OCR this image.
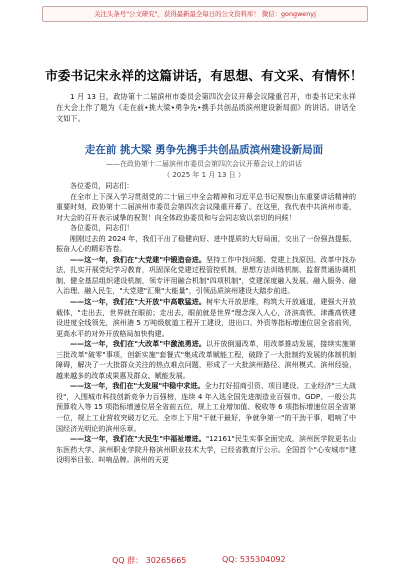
关注头条号"公文研究"，获得最新最全每日的公文资料库！ 微信：gongwenyj
市委书记宋永祥的这篇讲话，有思想、有文采、有情怀！
1 月 13 日，政协第十二届滨州市委员会第四次会议开幕会议隆重召开，市委书记宋永祥在大会上作了题为《走在前•挑大梁•勇争先•携手共创品质滨州建设新局面》的讲话。讲话全文如下。
走在前 挑大梁 勇争先携手共创品质滨州建设新局面
——在政协第十二届滨州市委员会第四次会议开幕会议上的讲话
（ 2025 年 1 月 13 日 ）

各位委员，同志们：

在全市上下深入学习贯彻党的二十届三中全会精神和习近平总书记视察山东重要讲话精神的重要时刻，政协第十二届滨州市委员会第四次会议隆重开幕了。在这里，我代表中共滨州市委，对大会的召开表示诚挚的祝贺！向全体政协委员和与会同志致以亲切的问候！

各位委员，同志们！

刚刚过去的 2024 年，我们干出了稳健向好、进中提质的大好局面，交出了一份强劲提振、振奋人心的精彩答卷。

——这一年，我们在"大党建"中锻造奋进。坚持工作中找问题、党建上找原因、改革中找办法，扎实开展党纪学习教育，巩固深化党建过程管控机制，思想方法训练机制、监督贯通协调机制，健全基层组织建设机制，领专评用融合机制"四项机制"，党建深度融入发展、融入服务、融入治理、融入民生，"大党建"汇聚"大能量"，引领品质滨州建设大踏步前进。

——这一年，我们在"大开放"中高歌猛进。树牢大开放思维，构筑大开放通道，建强大开放载体，"走出去，世界就在眼前；走出去，眼前就是世界"理念深入人心，济滨高铁、津潍高铁建设进度全线领先，滨州港 5 万吨级航道工程开工建设，进出口、外资等指标增速位居全省前列，更高水平的对外开放格局加快构建。

——这一年，我们在"大改革"中激流勇进。以开放倒逼改革，用改革推动发展，接续实施第三批改革"破零"事项，创新实施"套餐式"集成改革赋能工程，破除了一大批制约发展的体制机制障碍，解决了一大批群众关注的热点难点问题，形成了一大批滨州路径、滨州模式、滨州经验，越来越多的改革成果惠及群众、赋能发展。

——这一年，我们在"大发展"中稳中求进。全力打好招商引资、项目建设、工业经济"三大战役"，入围城市科技创新竞争力百强榜，连续 4 年入选全国先进制造业百强市。GDP、一般公共预算收入等 15 项指标增速位居全省前五位，规上工业增加值、税收等 6 项指标增速位居全省第一位，规上工业营收突破万亿元。全市上下用"干就干最好，争就争第一"的干劲干事，唱响了中国经济光明论的滨州乐章。

——这一年，我们在"大民生"中福祉增进。"12161"民生实事全面完成，滨州医学院更名山东医药大学、滨州职业学院升格滨州职业技术大学，已经省教育厅公示。全国首个"心安城市"建设明举目张、叫响品牌。滨州的天更

QQ 群： 30265665	QQ: 535304092
